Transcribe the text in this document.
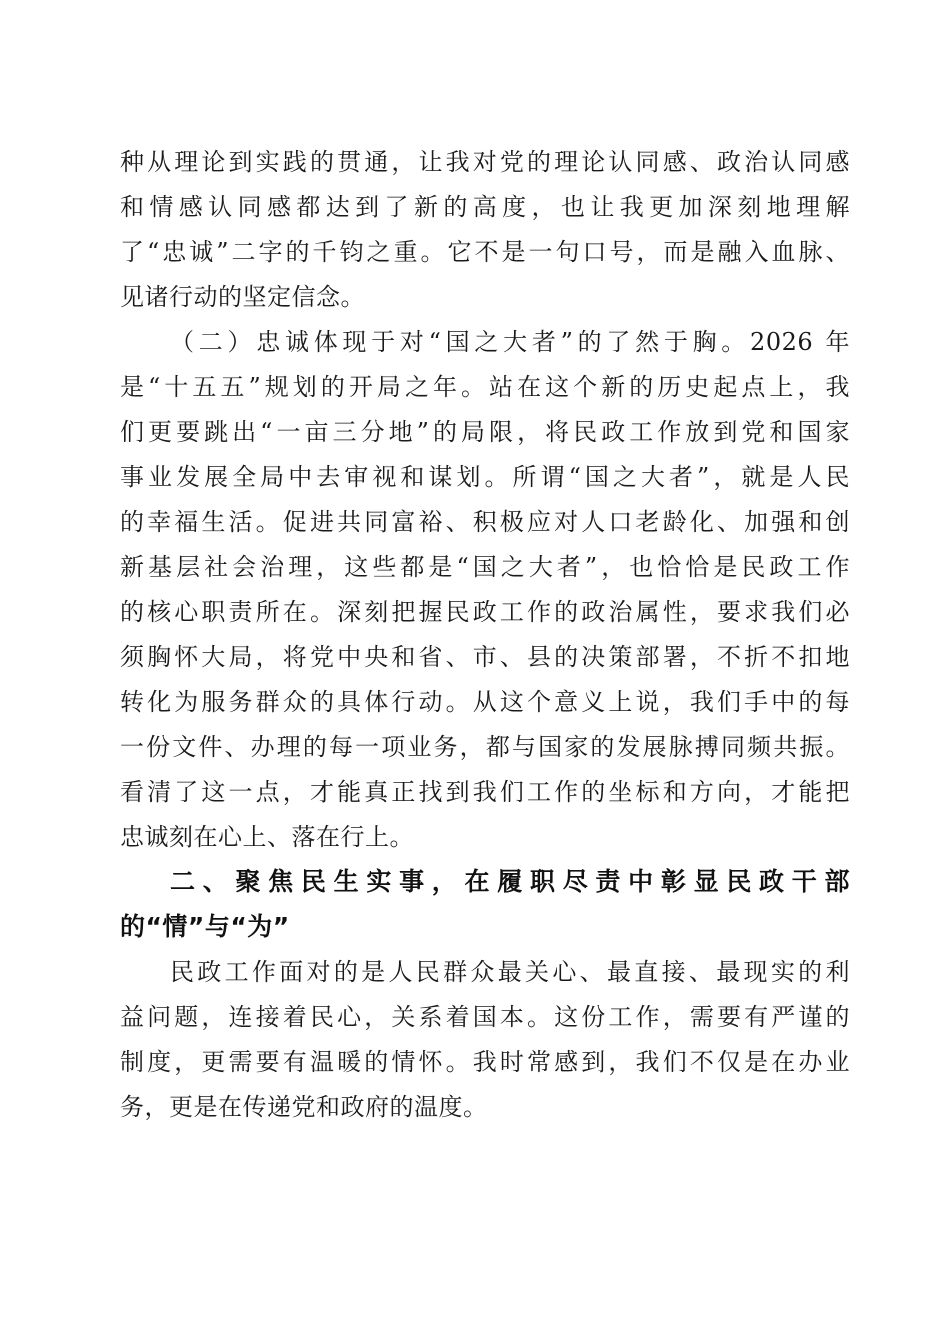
种从理论到实践的贯通，让我对党的理论认同感、政治认同感
和情感认同感都达到了新的高度，也让我更加深刻地理解
了“忠诚”二字的千钧之重。它不是一句口号，而是融入血脉、
见诸行动的坚定信念。
（二）忠诚体现于对“国之大者”的了然于胸。2026 年
是“十五五”规划的开局之年。站在这个新的历史起点上，我
们更要跳出“一亩三分地”的局限，将民政工作放到党和国家
事业发展全局中去审视和谋划。所谓“国之大者”，就是人民
的幸福生活。促进共同富裕、积极应对人口老龄化、加强和创
新基层社会治理，这些都是“国之大者”，也恰恰是民政工作
的核心职责所在。深刻把握民政工作的政治属性，要求我们必
须胸怀大局，将党中央和省、市、县的决策部署，不折不扣地
转化为服务群众的具体行动。从这个意义上说，我们手中的每
一份文件、办理的每一项业务，都与国家的发展脉搏同频共振。
看清了这一点，才能真正找到我们工作的坐标和方向，才能把
忠诚刻在心上、落在行上。
二、聚焦民生实事，在履职尽责中彰显民政干部
的“情”与“为”
民政工作面对的是人民群众最关心、最直接、最现实的利
益问题，连接着民心，关系着国本。这份工作，需要有严谨的
制度，更需要有温暖的情怀。我时常感到，我们不仅是在办业
务，更是在传递党和政府的温度。
